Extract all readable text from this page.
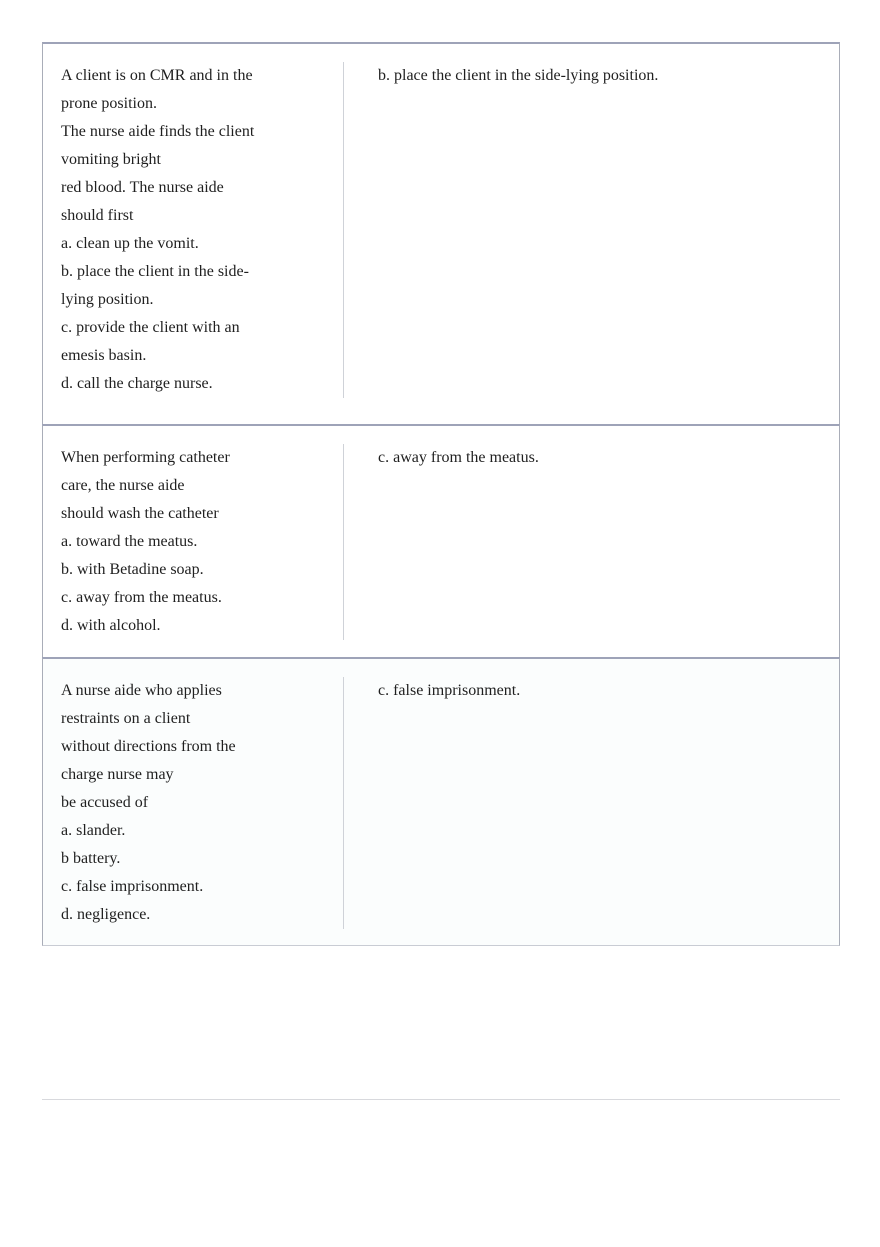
A client is on CMR and in the
prone position.
The nurse aide finds the client
vomiting bright
red blood. The nurse aide
should first
a. clean up the vomit.
b. place the client in the side-
lying position.
c. provide the client with an
emesis basin.
d. call the charge nurse.
b. place the client in the side-lying position.
When performing catheter
care, the nurse aide
should wash the catheter
a. toward the meatus.
b. with Betadine soap.
c. away from the meatus.
d. with alcohol.
c. away from the meatus.
A nurse aide who applies
restraints on a client
without directions from the
charge nurse may
be accused of
a. slander.
b battery.
c. false imprisonment.
d. negligence.
c. false imprisonment.
